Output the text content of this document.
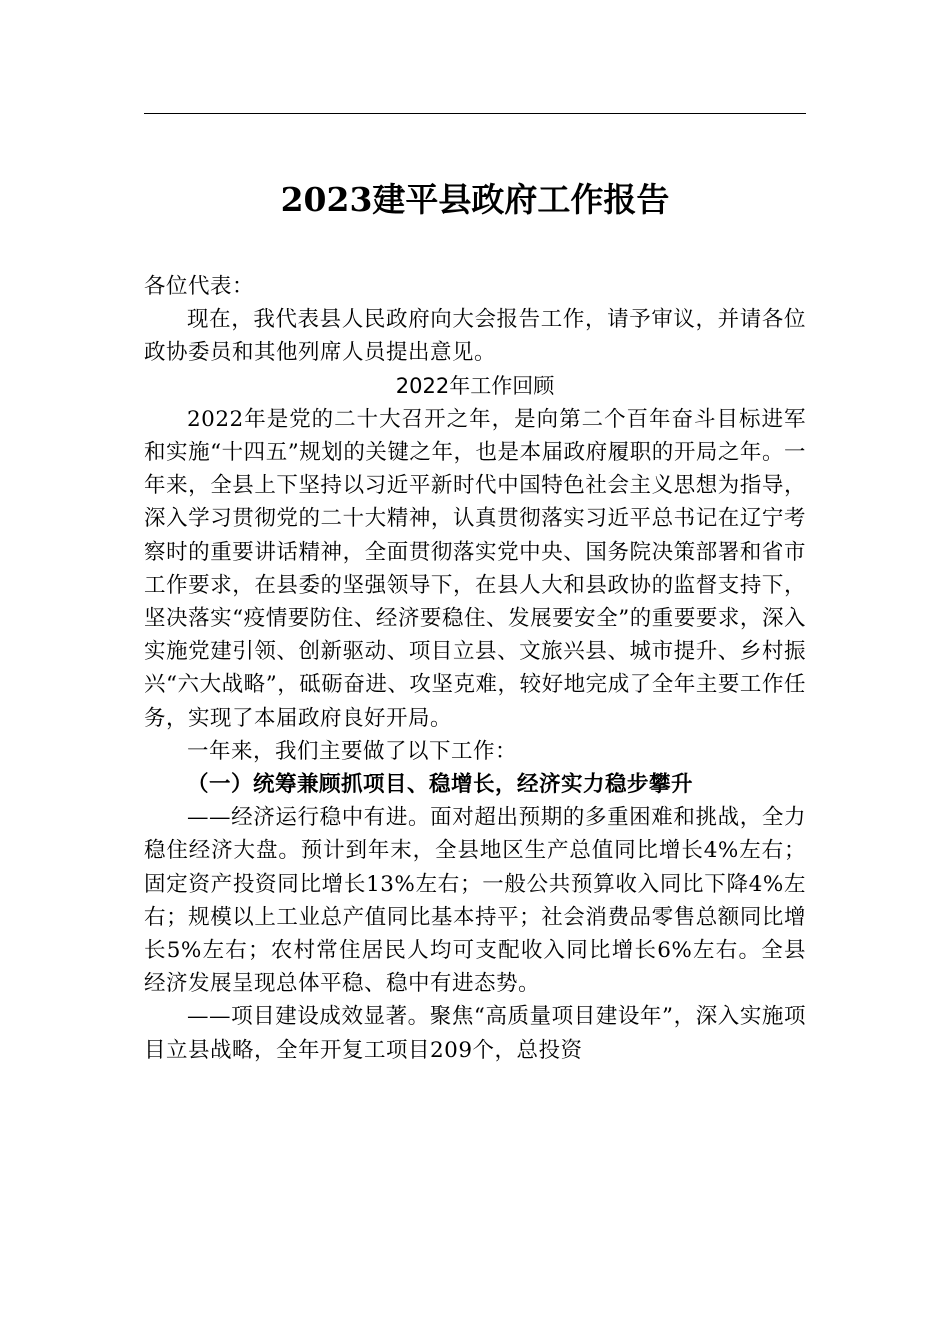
2023建平县政府工作报告

各位代表：

现在，我代表县人民政府向大会报告工作，请予审议，并请各位政协委员和其他列席人员提出意见。

2022年工作回顾

2022年是党的二十大召开之年，是向第二个百年奋斗目标进军和实施“十四五”规划的关键之年，也是本届政府履职的开局之年。一年来，全县上下坚持以习近平新时代中国特色社会主义思想为指导，深入学习贯彻党的二十大精神，认真贯彻落实习近平总书记在辽宁考察时的重要讲话精神，全面贯彻落实党中央、国务院决策部署和省市工作要求，在县委的坚强领导下，在县人大和县政协的监督支持下，坚决落实“疫情要防住、经济要稳住、发展要安全”的重要要求，深入实施党建引领、创新驱动、项目立县、文旅兴县、城市提升、乡村振兴“六大战略”，砥砺奋进、攻坚克难，较好地完成了全年主要工作任务，实现了本届政府良好开局。

一年来，我们主要做了以下工作：

（一）统筹兼顾抓项目、稳增长，经济实力稳步攀升

——经济运行稳中有进。面对超出预期的多重困难和挑战，全力稳住经济大盘。预计到年末，全县地区生产总值同比增长4%左右；固定资产投资同比增长13%左右；一般公共预算收入同比下降4%左右；规模以上工业总产值同比基本持平；社会消费品零售总额同比增长5%左右；农村常住居民人均可支配收入同比增长6%左右。全县经济发展呈现总体平稳、稳中有进态势。

——项目建设成效显著。聚焦“高质量项目建设年”，深入实施项目立县战略，全年开复工项目209个，总投资
